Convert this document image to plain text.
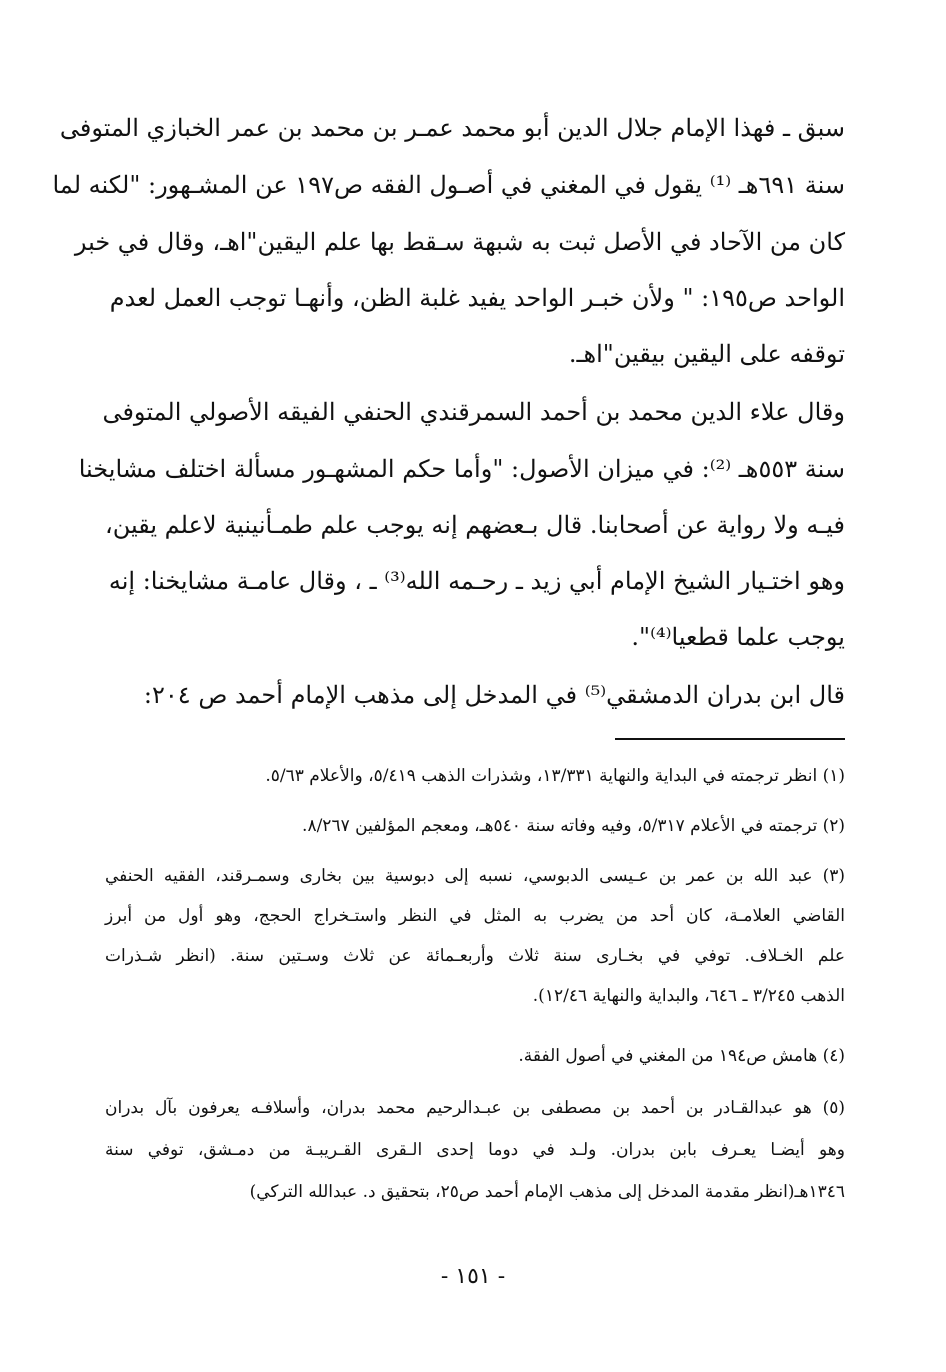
سبق ـ فهذا الإمام جلال الدين أبو محمد عمـر بن محمد بن عمر الخبازي المتوفى
سنة ٦٩١هـ ⁽¹⁾ يقول في المغني في أصـول الفقه ص١٩٧ عن المشـهور: "لكنه لما
كان من الآحاد في الأصل ثبت به شبهة سـقط بها علم اليقين"اهـ، وقال في خبر
الواحد ص١٩٥: " ولأن خبـر الواحد يفيد غلبة الظن، وأنهـا توجب العمل لعدم
توقفه على اليقين بيقين"اهـ.
وقال علاء الدين محمد بن أحمد السمرقندي الحنفي الفيقه الأصولي المتوفى
سنة ٥٥٣هـ ⁽²⁾: في ميزان الأصول: "وأما حكم المشهـور مسألة اختلف مشايخنا
فيـه ولا رواية عن أصحابنا. قال بـعضهم إنه يوجب علم طمـأنينية لاعلم يقين،
وهو اختـيار الشيخ الإمام أبي زيد ـ رحـمه الله⁽³⁾ ـ ، وقال عامـة مشايخنا: إنه
يوجب علما قطعيا⁽⁴⁾".
قال ابن بدران الدمشقي⁽⁵⁾ في المدخل إلى مذهب الإمام أحمد ص ٢٠٤:
(١) انظر ترجمته في البداية والنهاية ١٣/٣٣١، وشذرات الذهب ٥/٤١٩، والأعلام ٥/٦٣.
(٢) ترجمته في الأعلام ٥/٣١٧، وفيه وفاته سنة ٥٤٠هـ، ومعجم المؤلفين ٨/٢٦٧.
(٣) عبد الله بن عمر بن عـيسى الدبوسي، نسبه إلى دبوسية بين بخارى وسمـرقند، الفقيه الحنفي
القاضي العلامـة، كان أحد من يضرب به المثل في النظر واستـخراج الحجج، وهو أول من أبرز
علم الخـلاف. توفي في بخـارى سنة ثلاث وأربعـمائة عن ثلاث وسـتين سنة. (انظر شـذرات
الذهب ٣/٢٤٥ ـ ٦٤٦، والبداية والنهاية ١٢/٤٦).
(٤) هامش ص١٩٤ من المغني في أصول الفقة.
(٥) هو عبدالقـادر بن أحمد بن مصطفى بن عبـدالرحيم محمد بدران، وأسلافـه يعرفون بآل بدران
وهو أيضـا يعـرف بابن بدران. ولـد في دوما إحدى الـقرى القـريبـة من دمـشق، توفي سنة
١٣٤٦هـ(انظر مقدمة المدخل إلى مذهب الإمام أحمد ص٢٥، بتحقيق د. عبدالله التركي)
- ١٥١ -
